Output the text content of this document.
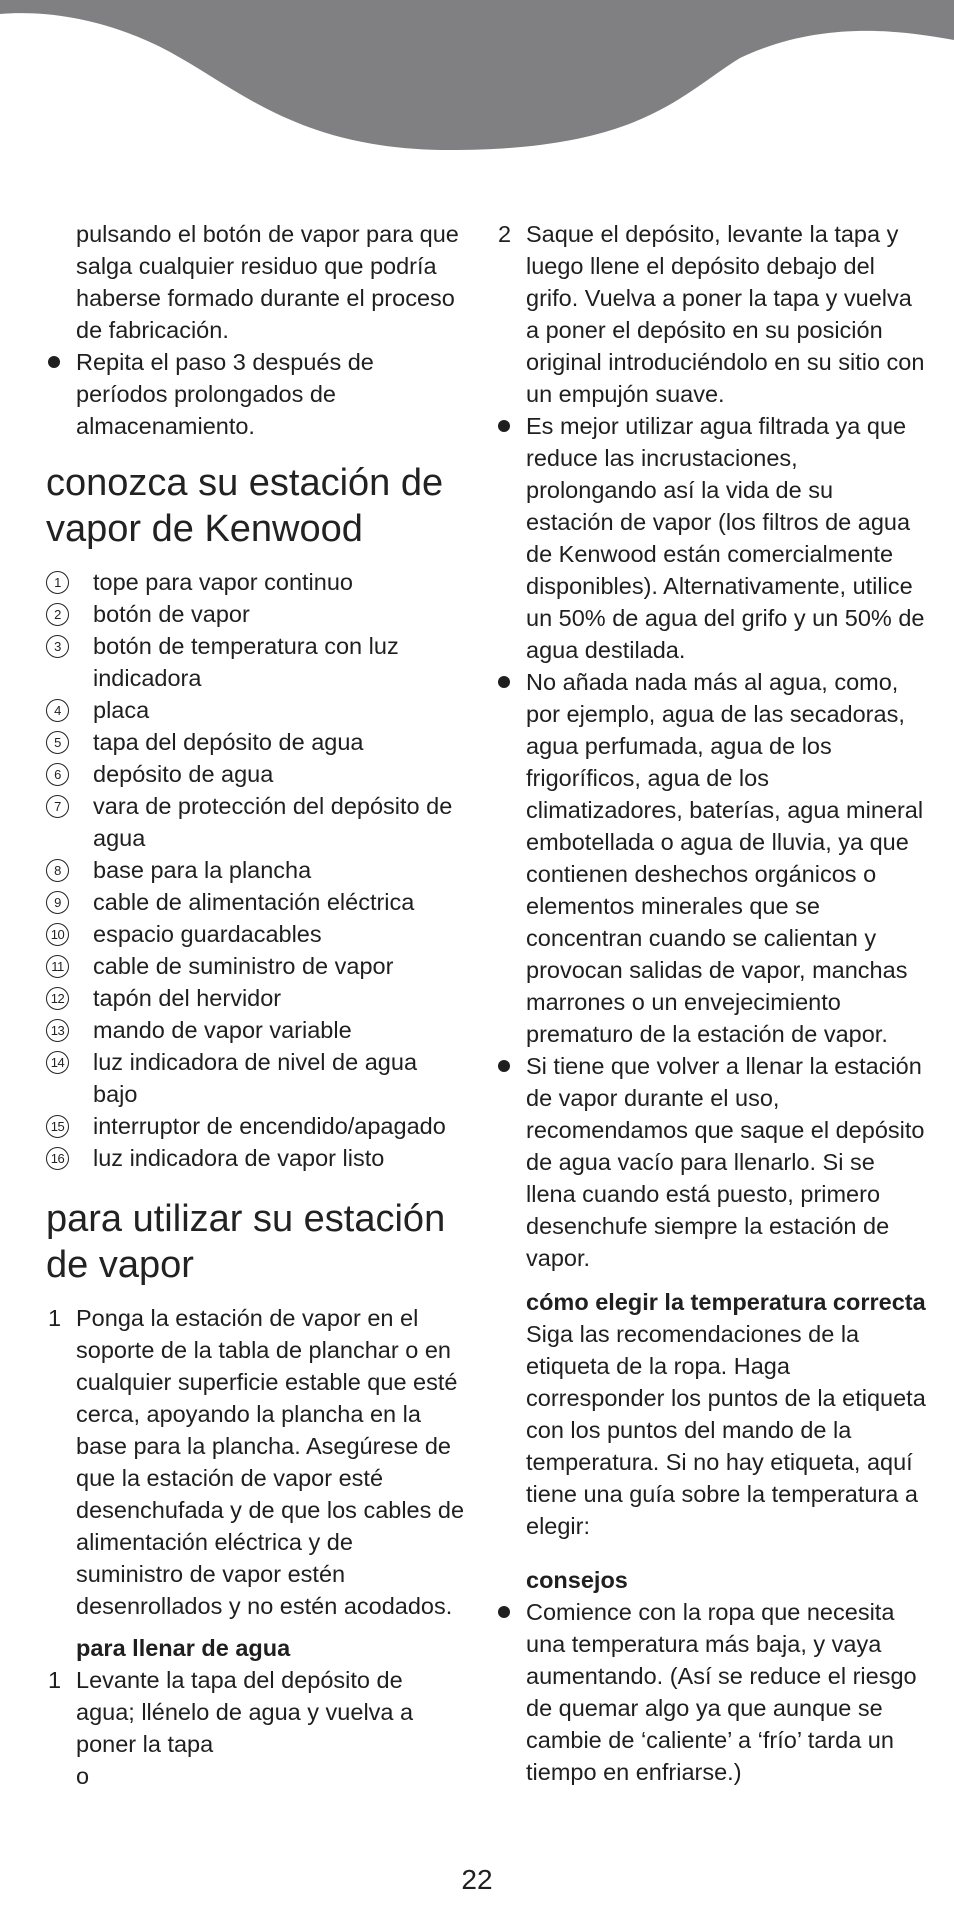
pulsando el botón de vapor para que salga cualquier residuo que podría haberse formado durante el proceso de fabricación.

Repita el paso 3 después de períodos prolongados de almacenamiento.
conozca su estación de
vapor de Kenwood
1	tope para vapor continuo
2	botón de vapor
3	botón de temperatura con luz indicadora
4	placa
5	tapa del depósito de agua
6	depósito de agua
7	vara de protección del depósito de agua
8	base para la plancha
9	cable de alimentación eléctrica
10 espacio guardacables
11 cable de suministro de vapor
12 tapón del hervidor
13 mando de vapor variable
14 luz indicadora de nivel de agua bajo
15 interruptor de encendido/apagado
16 luz indicadora de vapor listo
para utilizar su estación
de vapor
1 Ponga la estación de vapor en el soporte de la tabla de planchar o en cualquier superficie estable que esté cerca, apoyando la plancha en la base para la plancha. Asegúrese de que la estación de vapor esté desenchufada y de que los cables de alimentación eléctrica y de suministro de vapor estén desenrollados y no estén acodados.

para llenar de agua

1 Levante la tapa del depósito de agua; llénelo de agua y vuelva a poner la tapa

o

2 Saque el depósito, levante la tapa y luego llene el depósito debajo del grifo. Vuelva a poner la tapa y vuelva a poner el depósito en su posición original introduciéndolo en su sitio con un empujón suave.
Es mejor utilizar agua filtrada ya que reduce las incrustaciones, prolongando así la vida de su estación de vapor (los filtros de agua de Kenwood están comercialmente disponibles). Alternativamente, utilice un 50% de agua del grifo y un 50% de agua destilada.
No añada nada más al agua, como, por ejemplo, agua de las secadoras, agua perfumada, agua de los frigoríficos, agua de los climatizadores, baterías, agua mineral embotellada o agua de lluvia, ya que contienen deshechos orgánicos o elementos minerales que se concentran cuando se calientan y provocan salidas de vapor, manchas marrones o un envejecimiento prematuro de la estación de vapor.
Si tiene que volver a llenar la estación de vapor durante el uso, recomendamos que saque el depósito de agua vacío para llenarlo. Si se llena cuando está puesto, primero desenchufe siempre la estación de vapor.

cómo elegir la temperatura correcta

Siga las recomendaciones de la etiqueta de la ropa. Haga corresponder los puntos de la etiqueta con los puntos del mando de la temperatura. Si no hay etiqueta, aquí tiene una guía sobre la temperatura a elegir:

consejos

Comience con la ropa que necesita una temperatura más baja, y vaya aumentando. (Así se reduce el riesgo de quemar algo ya que aunque se cambie de ‘caliente’ a ‘frío’ tarda un tiempo en enfriarse.)
22
